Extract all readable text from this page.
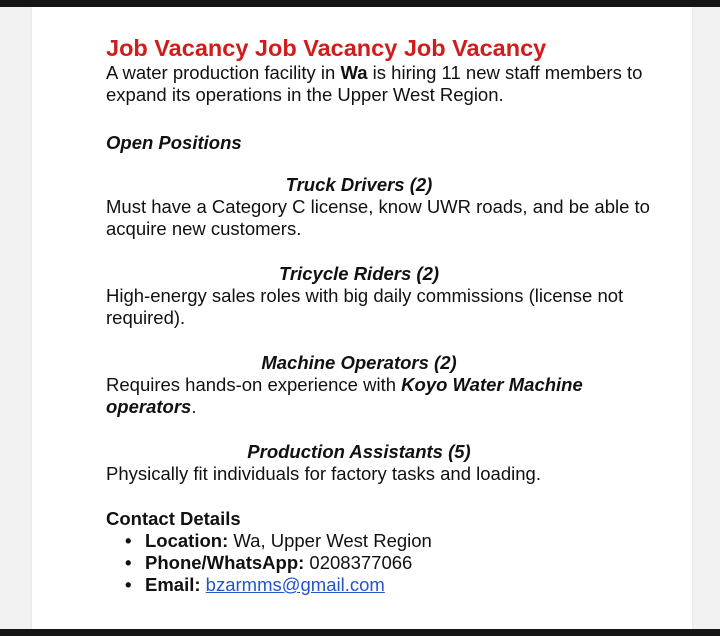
Job Vacancy Job Vacancy Job Vacancy

A water production facility in Wa is hiring 11 new staff members to expand its operations in the Upper West Region.

Open Positions

Truck Drivers (2)

Must have a Category C license, know UWR roads, and be able to acquire new customers.

Tricycle Riders (2)

High-energy sales roles with big daily commissions (license not required).

Machine Operators (2)

Requires hands-on experience with Koyo Water Machine operators.

Production Assistants (5)

Physically fit individuals for factory tasks and loading.

Contact Details

• Location: Wa, Upper West Region
• Phone/WhatsApp: 0208377066
• Email: bzarmms@gmail.com
